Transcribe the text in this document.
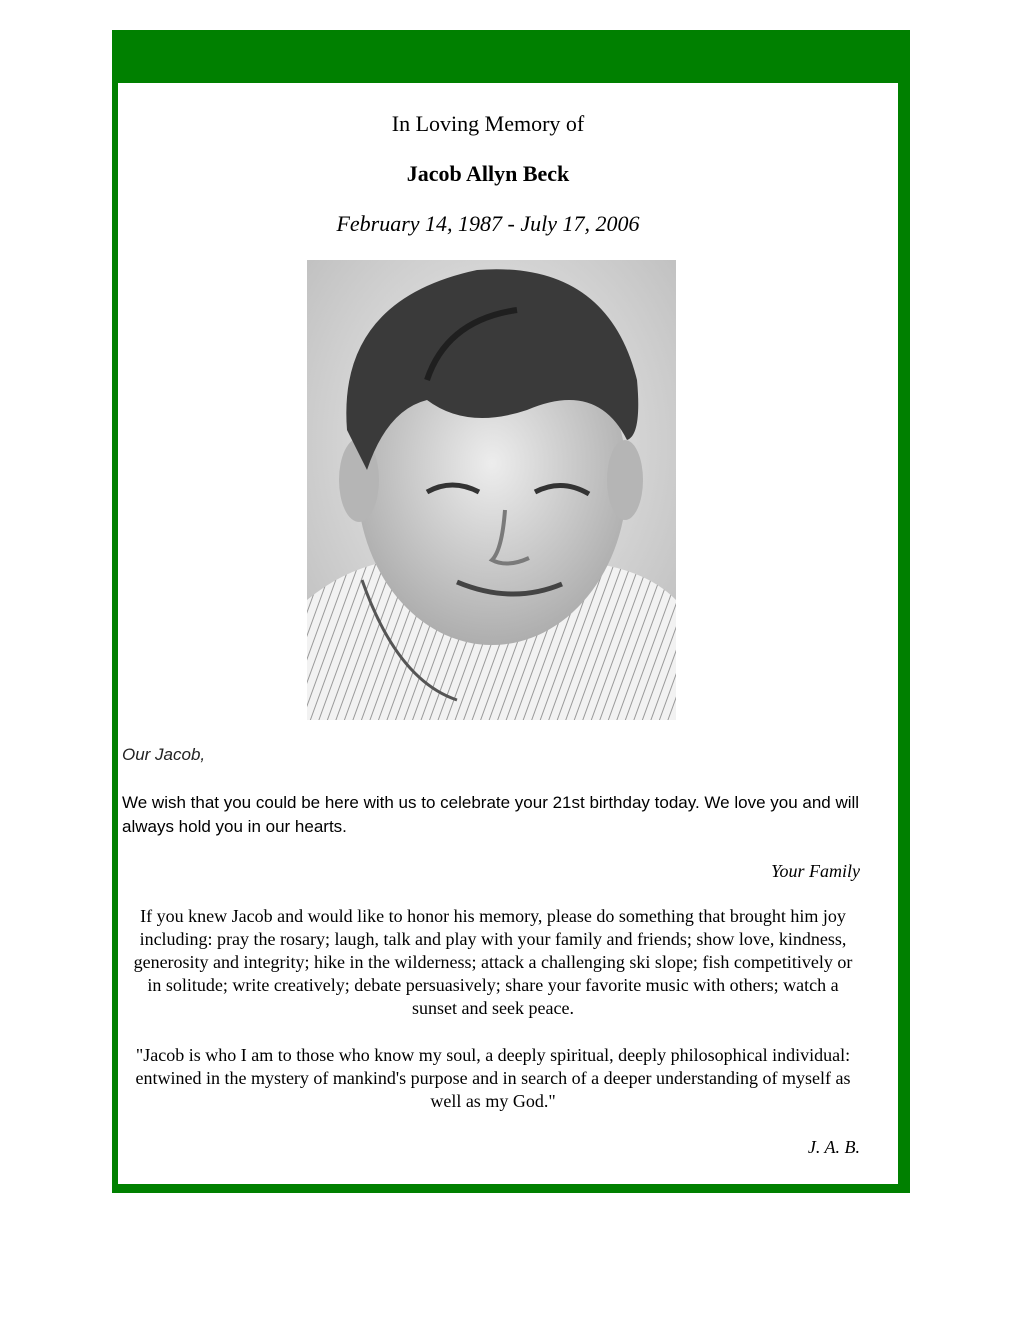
In Loving Memory of
Jacob Allyn Beck
February 14, 1987 - July 17, 2006
Our Jacob,
We wish that you could be here with us to celebrate your 21st birthday today. We love you and will always hold you in our hearts.
Your Family
If you knew Jacob and would like to honor his memory, please do something that brought him joy including: pray the rosary; laugh, talk and play with your family and friends; show love, kindness, generosity and integrity; hike in the wilderness; attack a challenging ski slope; fish competitively or in solitude; write creatively; debate persuasively; share your favorite music with others; watch a sunset and seek peace.
"Jacob is who I am to those who know my soul, a deeply spiritual, deeply philosophical individual: entwined in the mystery of mankind's purpose and in search of a deeper understanding of myself as well as my God."
J. A. B.
